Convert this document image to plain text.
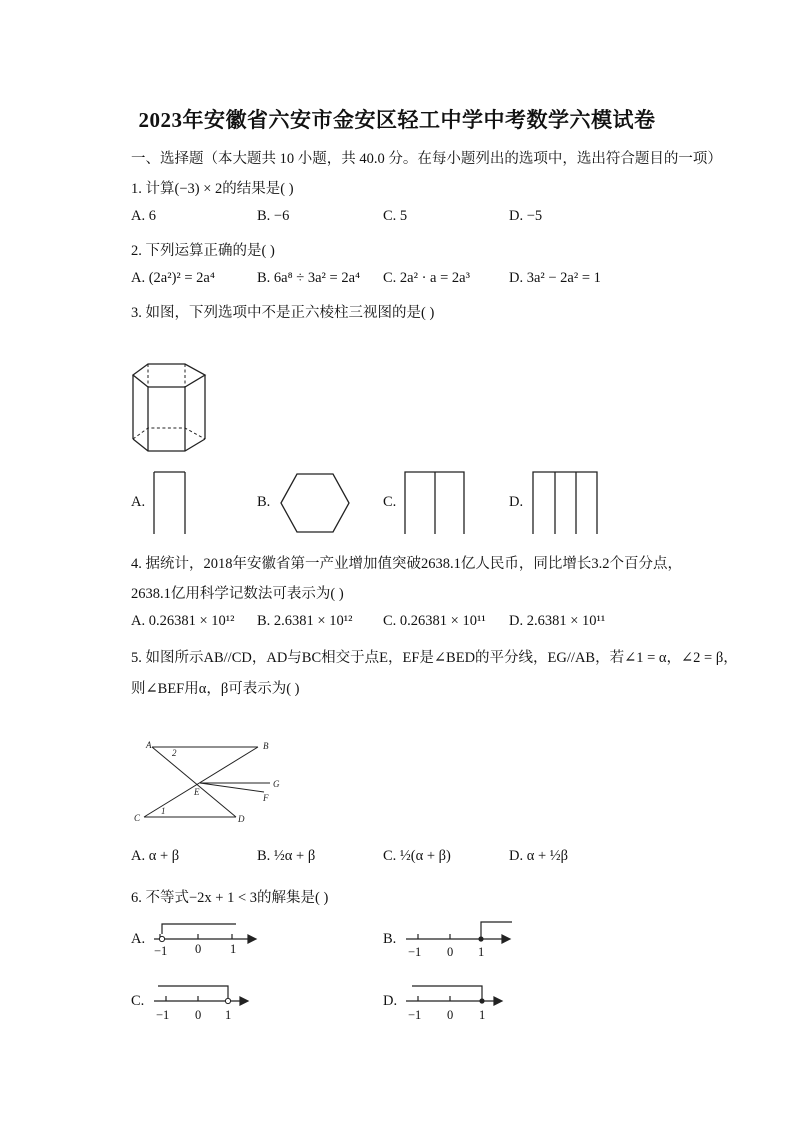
2023年安徽省六安市金安区轻工中学中考数学六模试卷
一、选择题（本大题共 10 小题，共 40.0 分。在每小题列出的选项中，选出符合题目的一项）
1. 计算(−3) × 2的结果是( )
A. 6	B. −6	C. 5	D. −5
2. 下列运算正确的是( )
A. (2a²)² = 2a⁴	B. 6a⁸ ÷ 3a² = 2a⁴ C. 2a² · a = 2a³	D. 3a² − 2a² = 1
3. 如图，下列选项中不是正六棱柱三视图的是( )
A.	B.	C.	D.
4. 据统计，2018年安徽省第一产业增加值突破2638.1亿人民币，同比增长3.2个百分点，
2638.1亿用科学记数法可表示为( )
A. 0.26381 × 10¹² B. 2.6381 × 10¹² C. 0.26381 × 10¹¹ D. 2.6381 × 10¹¹
5. 如图所示AB//CD，AD与BC相交于点E，EF是∠BED的平分线，EG//AB，若∠1 = α，∠2 = β，
则∠BEF用α，β可表示为( )
A
2
B
G
E
F
1
C	D
A. α + β	B. ½α + β	C. ½(α + β)	D. α + ½β
6. 不等式−2x + 1 < 3的解集是( )
A.
−1 0 1
B.
−1 0 1
C.
−1 0 1
D.
−1 0 1
